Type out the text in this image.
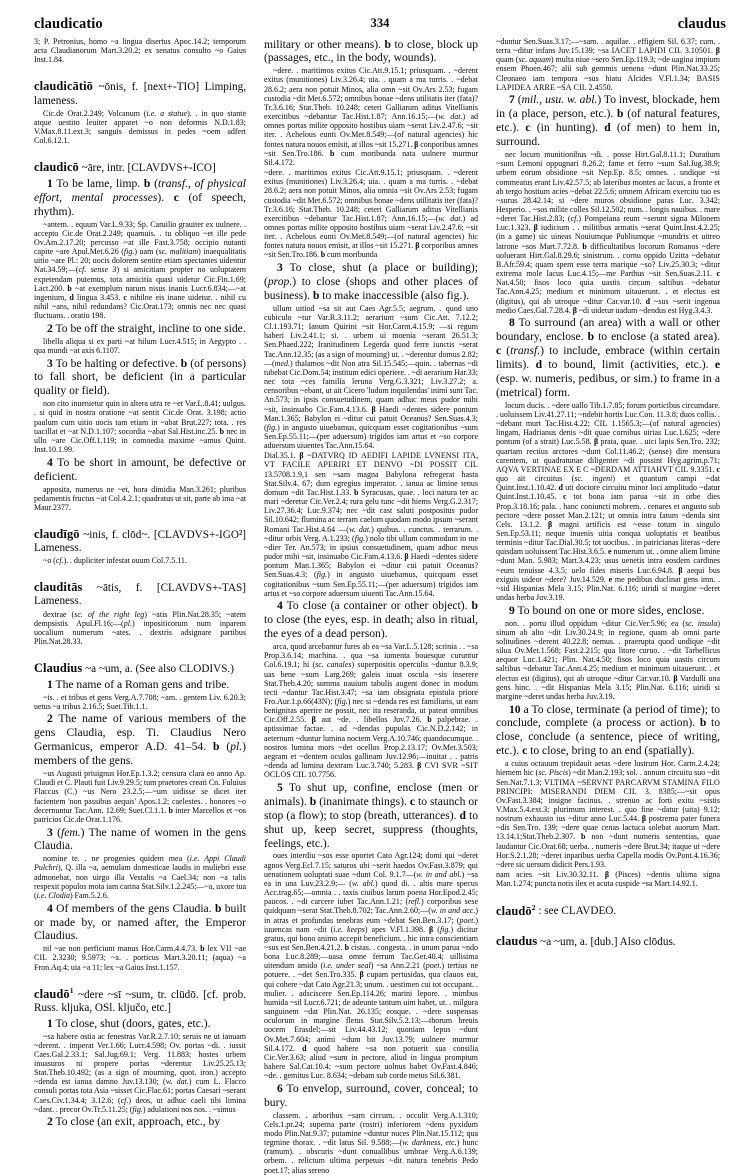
claudicatio	334	claudus

3; P. Petronius, homo ~a lingua disertus Apoc.14.2; temporum acta Claudianorum Mart.3.20.2; ex senatus consulto ~o Gaius Inst.1.84.

claudicātiō ~ōnis, f. [next+-TIO] Limping, lameness.

Cic.de Orat.2.249; Volcanum (i.e. a statue). . in quo stante atque uestito leuiter apparet ~o non deformis N.D.1.83; V.Max.8.11.ext.3; sanguis demissus in pedes ~oem adfert Col.6.12.1.

claudicō ~āre, intr. [CLAVDVS+-ICO]

1 To be lame, limp. b (transf., of physical effort, mental processes). c (of speech, rhythm).

~antem. . equum Var.L.9.33; Sp. Caruilio grauiter ex uulnere. . accepto Cic.de Orat.2.249; quamuis. . tu obliquo ~et ille pede Ov.Am.2.17.20; percusso ~at ille Fast.3.758; occipio nutanti capite ~are Apul.Met.6.26 (fig.) uam (sc. malitiam) inaequalitatis uitio ~are Pl.: 20; uocis dolorem sentire etiam spectantes uidentur Nat.34.59;—(cf. sense 3) si amicitiam propter no uoluptatem expetendam putemus, tota amicitia quasi uidetur Cic.Fin.1.69; Lact.200. b ~at exemplum narum nisus inanis Lucr.6.834;—~at ingenium, d lingua 3.453. c nihilne eis inane uidetur. . nihil cu nihil ~ans, nihil redundans? Cic.Orat.173; omnis nec nec quasi fluctuans. . oratio 198.

2 To be off the straight, incline to one side.

libella aliqua si ex parti ~at hilum Lucr.4.515; in Aegypto . . qua mundi ~at axis 6.1107.

3 To be halting or defective. b (of persons) to fall short, be deficient (in a particular quality or field).

non cito inuenietur quin in altera utra re ~et Var.L.8.41; uulgus. . si quid in nostra oratione ~at sentit Cic.de Orat. 3.198; actio paulum cum uitio uocis tam etiam in ~abat Brut.227; tota. . res uacillat et ~at N.D.1.107; socordia ~abat Sal.Hist.inc.25. b nec in ullo ~are Cic.Off.1.119; in comoedia maxime ~amus Quint. Inst.10.1.99.

4 To be short in amount, be defective or deficient.

apposita, numerus ne ~et, hora dimidia Man.3.261; pluribus pedamentis fructus ~at Col.4.2.1; quadratus ut sit, parte ab ima ~at Maur.2377.

claudīgō ~inis, f. clōd~. [CLAVDVS+-IGO²] Lameness.

~o (cf.). . dupliciter infestat ouum Col.7.5.11.

clauditās ~ātis, f. [CLAVDVS+-TAS] Lameness.

dextrae (sc. of the right leg) ~atis Plin.Nat.28.35; ~atem dempsistis Apul.Fl.16;—(pl.) inpositicorum num inparem uocalium numerum ~ates. . dextris adsignare partibus Plin.Nat.28.33.

Claudius ~a ~um, a. (See also CLODIVS.)

1 The name of a Roman gens and tribe.

~is. . et tribus et gens Verg.A.7.708; ~am. . gentem Liv. 6.20.3; uetus ~a tribus 2.16.5; Suet.Tib.1.1.

2 The name of various members of the gens Claudia, esp. Ti. Claudius Nero Germanicus, emperor A.D. 41–54. b (pl.) members of the gens.

~us Augusti priuignus Hor.Ep.1.3.2; censura clara eo anno Ap. Claudi et C. Plauti fuit Liv.9.29.5; tum praetores creati Cn. Fuluius Flaccus (C.) ~us Nero 23.2.5;—~um uidisse se dicet iter facientem 'non passibus aequis' Apos.1.2; caelestes. . honores ~o decernuntur Tac.Ann. 12.69; Suet.Cl.1.1. b inter Marcellos et ~os patricios Cic.de Orat.1.176.

3 (fem.) The name of women in the gens Claudia.

nomine te. . ne progenies quidem mea (i.e. Appi Claudi Pulchri), Q. illa ~a, aemulam domesticae laudis in muliebri esse admonebat, non uirgo illa Vestalis ~a Cael.34; non ~a talis respexit populos mota iam carina Stat.Silv.1.2.245;—~a, uxore tua (i.e. Clodia) Fam.5.2.6.

4 Of members of the gens Claudia. b built or made by, or named after, the Emperor Claudius.

nil ~ae non perficiunt manus Hor.Carm.4.4.73. b lex VII ~ae CIL 2.3230; 9.5973; ~a. . porticus Mart.3.20.11; (aqua) ~a Fron.Aq.4; uia ~a 11; lex ~a Gaius Inst.1.157.

claudō$^1$ ~dere ~sī ~sum, tr. clūdō. [cf. prob. Russ. kljuka, OSl. ključo, etc.]

1 To close, shut (doors, gates, etc.).

~sa habere ostia ac fenestras Var.R.2.7.10; seruis ne ut ianuam ~derent. . imperat Ver.1.66; Lucr.4.598; Ov. portas ~di. . iussit Caes.Gal.2.33.1; Sal.Jug.69.1; Verg. 11.883; hostes urbem inuasuros ni propere portas ~derentur Liv.25.25.13; Stat.Theb.10.492; (as a sign of mourning, quot. iron.) accepto ~denda est ianua damno Juv.13.130; (w. dat.) cum L. Flacco consuli portas tota Asia ~sisset Cic.Flac.61; portas Caesari ~serant Caes.Civ.1.34.4; 3.12.6; (cf.) deos, ut adhuc caeli tibi limina ~dant. . precor Ov.Tr.5.11.25; (fig.) adulationi nos nos. . ~simus

2 To close (an exit, approach, etc., by

military or other means). b to close, block up (passages, etc., in the body, wounds).

~dere. . maritimos exitus Cic.Att.9.15.1; priusquam. . ~derent exitus (munitiones) Liv.3.26.4; uia. . quam a ma turris. . ~debat 28.6.2; aera non potuit Minos, alia omn ~sit Ov.Ars 2.53; fugam custodia ~dit Met.6.572; omnibus bonae ~dens utilitatis iter (fata)? Tr.3.6.16; Stat.Theb. 10.248; ceteri Galliarum aditus Vitellianis exercitibus ~debantur Tac.Hist.1.87; Ann.16.15;—(w. dat.) ad omnes portas milite opposito hostibus uiam ~serat Liv.2.47.6; ~sit iter. . Achelous eunti Ov.Met.8.549;—(of natural agencies) hic fontes natura nouos emisit, at illos ~sit 15.271. β conporibus amnes ~sit Sen.Tro.186. b cum moribunda nata uulnere murmur Sil.4.172.

~dere. . maritimos exitus Cic.Att.9.15.1; priusquam. . ~derent exitus (munitiones) Liv.3.26.4; uia. . quam a ma turris. . ~debat 28.6.2; aera non potuit Minos, alia omnia ~sit Ov.Ars 2.53; fugam custodia ~dit Met.6.572; omnibus bonae ~dens utilitatis iter (fata)? Tr.3.6.16; Stat.Theb. 10.248; ceteri Galliarum aditus Vitellianis exercitibus ~debantur Tac.Hist.1.87; Ann.16.15;—(w. dat.) ad omnes portas milite opposito hostibus uiam ~serat Liv.2.47.6; ~sit iter. . Achelous eunti Ov.Met.8.549;—(of natural agencies) hic fontes natura nouos emisit, at illos ~sit 15.271. β corporibus amnes ~sit Sen.Tro.186. b cum moribunda

3 To close, shut (a place or building); (prop.) to close (shops and other places of business). b to make inaccessible (also fig.).

ullum uitiod ~sa sit aut Caes Agr.5.5; aegrum. . quod uno cubiculo ~tur Var.R.3.11.2; aerarium ~sum Cic.Att. 7.12.2; Cl.1.193.71; Ianum Quirini ~sit Hor.Carm.4.15.9; —si regum haberi Liv.2.41.1; si. . urbem ui moenia ~serant 26.51.3; Sen.Phaed.222; Iranitudinem Legerda quod ferre iunctis ~serat Tac.Ann.12.35; (as a sign of mourning) ut. . ~derentur domus 2.82;—(med.) thalamos ~dit Non atra Sil.15.545;—quin. . tabernas ~di tubebat Cic.Dom.54; institum edici operiere. . ~di aerarium Har.33; nec tota ~ces familia leruna Verg.G.3.321; Liv.3.27.2; a. censoribus ~ebant, ut ait Cicero 'ludum inquilendas' inimi sunt Tac. An.573; in ipsis consuetudinem, quam adhuc meus pudor mihi ~sit, insinuabo Cic.Fam.4.13.6. β Haedi ~dentes sidere pontum Man.1.365; Babylon ei ~ditur cui patuit Oceanus? Sen.Suas.4.3; (fig.) in angusto uiuebamus, quicquam esset cogitationibus ~sum Sen.Ep.55.11;—(per aduersum) trigidos iam artus et ~so corpore aduersum uiuentes Tac.Ann.15.64.

Dial.35.1. β ~DATVRQ ID AEDIFI LAPIDE LVNENSI ITA, VT FACILE APERIRI ET DENVO ~DI POSSIT CIL 13.5708.1.9,1 sen ~sam magna Babylona refregerat hasta Stat.Silv.4. 67; dum egregius imperator. . ianua ac limine tenus domum ~dit Tac.Hist.1.33. b Syracusas, quae. . loci natura ter ac mari ~deretur Cic.Ver.2.4; rura gelu tunc ~dit hiems Verg.G.2.317; Liv.27.36.4; Luc.9.374; nec ~dit cast saluti postpositus pudor Sil.10.642; flumina ac terram caelum quodam modo ipsum ~serant Romani Tac.Hist.4.64 —(w. dat.) quibus. . cunctus. . terrarum. . ~ditur orbis Verg. A.1.233; (fig.) nolo tibi ullum commodum in me ~dier Ter. An.573; in ipsius consuetudinem, quam adhuc meus pudor mihi ~sit, insinuabo Cic.Fam.4.13.6. β Haedi ~dentes sidere pontum Man.1.365; Babylon ei ~ditur cui patuit Oceanus? Sen.Suas.4.3; (fig.) in angusto uiuebamus, quicquam esset cogitationibus ~sum Sen.Ep.55.11;—(per aduersum) trigidos iam artus et ~so corpore aduersum uiuenti Tac.Ann.15.64.

4 To close (a container or other object). b to close (the eyes, esp. in death; also in ritual, the eyes of a dead person).

arca, quod arcebantur fures ab ea ~sa Var.L.5.128; scrinia . . ~sa Prop.3.6.14; machina. . qua ~sa iumenta bouesque curuntur Col.6.19.1; hi (sc. canales) superpositis operculis ~duntur 8.3.9; uas bene ~sum Larg.269; galeis iuuat oscula ~sis inserere Stat.Theb.4.20; summa nauium tabulis augent donec in modum tecti ~dantur Tac.Hist.3.47; ~sa iam obsignata epistula priore Fro.Aur.1.p.66(43N); (fig.) nec si ~denda res est familiaris, ut eam benignitas aperire ne possit, nec ita reseranda, ut pateat omnibus Cic.Off.2.55. β aut ~de. . libellos Juv.7.26. b palpebrae. . aptissimae factae. . ad ~dendas pupulas Cic.N.D.2.142; in aeternum ~duntur lumina noctem Verg.A.10.746; quandocumque. . nostros lumina mors ~det ocellos Prop.2.13.17; Ov.Met.3.503; aegram et ~dentem oculos gallinam Juv.12.96;—inuitat . . patris ~denda ad lumina dextram Luc.3.740; 5.283. β CVI SVR ~SIT OCLOS CIL 10.7756.

5 To shut up, confine, enclose (men or animals). b (inanimate things). c to staunch or stop (a flow); to stop (breath, utterances). d to shut up, keep secret, suppress (thoughts, feelings, etc.).

oues interdiu ~sos esse oportet Cato Agr.124; domi qui ~deret agnos Verg.Ecl.7.15; saturos ubi ~serit haedos Ov.Fast.3.879; qui uenationem uoluptati suae ~dunt Col. 9.1.7—(w. in and abl.) ~sa ea in una Luv.23.2.9;— (w. abl.) quod di. . altis mare specus Acc.trag.65;—omnia . . taxis ciuibus larum poena Hor.Epod.2.45; paucos. . ~di carcere iubet Tac.Ann.1.21; (refl.) corporibus sese quidquam ~serat Stat.Theb.8.702; Tac.Ann.2.60;—(w. in and acc.) in atras et profundas tenebras eum ~debat Sen.Ben.3.17; (poet.) iuuencas nam ~dit (i.e. keeps) apes V.Fl.1.398. β (fig.) dicitur gratus, qui bono animo accepit beneficium. . hic intra conscientiam ~sus est Sen.Ben.4.21.2. b cistas. . congesta. . in unum parua ~ndo bona Luc.8.289;—uasa omne ferrum Tac.Ger.40.4; uillisima uitendum amido (i.e. under seal) ~sa Ann.2.21 (poet.) tertius ne potuere. . ~det Sen.Tro.335. β cupam pertusidas, qua clauos eat, qui cohere ~dat Cato Agr.21.3; unum. . uestimen cui tot occupant. . mulier. . adsciscere Sen.Ep.114.26; marini lepore. . mimbus humida ~sil Lucr.6.721; de adeunte tantum uim habet, ut. . milgura sanguinem ~dat Plin.Nat. 26.135; eosque. . ~dere suspensas oculorum in margine fletus Stat.Silv.5.2.13;—thorum breuis uocem Erasdel;—sit Liv.44.43.12; quoniam lepus ~dunt Ov.Met.7.604; animi ~dum bit Juv.13.79; uulnere murmur Sil.4.172. d quod habere ~sa non potuerit sua consilia Cic.Ver.3.63; aliud ~sum in pectore, aliud in lingua promptum habere Sal.Cat.10.4; ~sum pectore uolnus habet Ov.Fast.4.846; ~de. . gemitus Luc. 8.634; ~debam sub corde metus Sil.6.381.

6 To envelop, surround, cover, conceal; to bury.

classem. . arboribus ~sam circum. . occulit Verg.A.1.310; Cels.1.pr.24; superna parte (rostri) inferiorem ~dens pyxidum modo Plin.Nat.9.37; putamine ~duntur nuces Plin.Nat.15.112; qua tegmine thorax. . ~dit latus Sil. 9.588;—(w. darkness, etc.) hunc (ramum). . obscuris ~dunt conuallibus umbrae Verg.A.6.139; orbem. . relictum ultima perpetuis ~dit natura tenebris Pedo poet.17; alias sereno

~duntur Sen.Suas.3.17;—~sam. . aquilae. . effigiem Sil. 6.37; cum. . terra ~ditur infans Juv.15.139; ~sa IACET LAPIDI CIL 3.10501. β quam (sc. aquam) multa niue ~sero Sen.Ep.119.3; ~de uagina impium ensem Phoen.467; alii sub gemmis uenena ~dunt Plin.Nat.33.25; Cleonaeo iam tempora ~sus hiatu Alcides V.Fl.1.34; BASIS LAPIDEA ARRE ~SA CIL 2.4550.

7 (mil., usu. w. abl.) To invest, blockade, hem in (a place, person, etc.). b (of natural features, etc.). c (in hunting). d (of men) to hem in, surround.

nec locum munitionibus ~di. . posse Hirt.Gal.8.11.1; Duratium ~sum Lemoni oppugnari 8.26.2; fame et ferro ~sum Sal.Jug.38.9; urbem eorum obsidione ~sit Nep.Ep. 8.5; omnes. . undique ~si commeatus erant Liv.42.57.5; ab lateribus montes ac lacus, a fronte et ab tergo hostium acies ~debat 22.5.6; omnem Africam exercitu tuo es ~surus 28.42.14; si ~dere muros obsidione paras Luc. 3.342; Hesperio. . ~sos milite colles Sil.12.502; num. . longis nauibus. . mare ~deret Tac.Hist.2.83; (cf.) Pompeiana reum ~serunt signa Milonem Luc.1.323. β iudicium . . militibus armatis ~serat Quint.Inst.4.2.25; (in a game) sic uineas Nouiumque Publiumque ~mundris et uitreo latrone ~sos Mart.7.72.8. b difficultatibus locorum Romanos ~dere uoluerant Hirt.Gal.8.29.6; sinistrum. . cornu oppido Uzitta ~debatur B.Afr.59.4; quam spem esse terra marique ~so? Liv.25.30.3; ~ditur extrema mole lacus Luc.4.15;—me Parthus ~sit Sen.Suas.2.11. c Nat.4.50; fisos loco quia uastis circum saltibus ~debatur Tac.Ann.4.25; medium et minimum uitauerunt. . et electus est (digitus), qui ab utroque ~ditur Car.var.10. d ~sus ~serit ingenua medio Caes.Gal.7.28.4. β ~di uidetur uadum ~dendus est Hyg.3.4.3.

8 To surround (an area) with a wall or other boundary, enclose. b to enclose (a stated area). c (transf.) to include, embrace (within certain limits). d to bound, limit (activities, etc.). e (esp. w. numeris, pedibus, or sim.) to frame in a (metrical) form.

locum ducis. . ~dere uallo Tib.1.7.85; forum porticibus circumdare. . uoluissem Liv.41.27.11; ~ndebit hortis Luc.Con. 11.3.8; duos collis. . ~debant murt Tac.Hist.4.22; CIL 1.1565.3;—(of natural agencies) lingam, Hadrianus denis ~dit quae cornibus uirias Luc.1.625; ~dere pontum (of a strait) Luc.5.58. β prata, quae. . uici lapis Sen.Tro. 232; quartam rectius arctores ~dunt Col.11.46.2; (sense) dire mensura carentem, ut quadratunae diligenter ~di possint Hyg.agrim.p.71; AQVA VERTINAE EX E C ~DERDAM ATTIAHVT CIL 9.3351. c quo ait circuitus (sc. ingeni) et quantum campi ~dat Quint.Inst.1.10.42. d uti doctore circuitu minor loci amplitudo ~datur Quint.Inst.1.10.45. c tot bona iam parua ~sit in orbe dies Prop.3.18.16; pala. . hanc coniuncti mobrem. . cenares et angusto sub pectore ~dere posset Man.2.121; ut omnia intra fatum ~denda sint Cels. 13.1.2. β magni artificis est ~esse totum in singulo Sen.Ep.53.11; neque inuenis uitia conqua uoluptatis et beatibus terminis ~ditur Tac.Dial.30.5; tot uocibus. . in patricianas literas ~dere quisdam uoluissent Tac.Hist.3.6.5. e numerum ut. . omne aliem limine ~dunt Man. 5.983; Mart.3.4.23; usus uenetis intra eosdem cardines ~eum tenuisse 4.3.5; uelo fides miseris Luc.6.94.8. β aequi bus exiguis uideor ~dere? Juv.14.529. e me pedibus duclinat gens imn. . ~sid Hispanias Mela 3.15; Plin.Nat. 6.116; uiridi si margine ~deret undas herba Juv.3.19.

9 To bound on one or more sides, enclose.

non. . portu illud oppidum ~ditur Cic.Ver.5.96; ea (sc. insula) sinum ab alto ~dit Liv.30.24.9; in regione, quam ab omni parte solitudines ~derent 40.22.8; nemus. . praerupta quod undique ~dit silua Ov.Met.1.568; Fast.2.215; qua litore curuo. . ~dit Tarbellicus aequor Luc.1.421; Plin. Nat.4.50; fisos loco quia uastis circum saltibus ~debatur Tac.Ann.4.25; medium et minimum uitauerunt. . et electus est (digitus), qui ab utroque ~ditur Car.var.10. β Vardulli una gens hinc. . ~dit Hispanias Mela 3.15; Plin.Nat. 6.116; uiridi si margine ~deret undas herba Juv.3.19.

10 a To close, terminate (a period of time); to conclude, complete (a process or action). b to close, conclude (a sentence, piece of writing, etc.). c to close, bring to an end (spatially).

a cuius octauum trepidauit aetas ~dere lustrum Hor. Carm.2.4.24; hiemem hic (sc. Piscis) ~dit Man.2.193; sol. . annum circuitu suo ~dit Sen.Nat.7.1.3; VLTIMA ~SERVNT PARCARVM STAMINA FILO PRINCIPI: MISERANDI DIEM CIL 3. 8385;—~sit opus Ov.Fast.3.384; insigne facinus. . strenuo ac forti exitu ~sistis V.Max.5.4.ext.3; plurimum interest. . quo fine ~datur (uita) 9.12; nostrum exhausto ius ~ditur anno Luc.5.44. β postrema pater funera ~dis Sen.Tro. 139; ~dere quae cenas lactuca solebat auorum Mart. 13.14.1;Stat.Theb.2.307. b non ~dunt numeris sententias, quae laudantur Cic.Orat.68; uerba. . numeris ~dere Brut.34; itaque ut ~dere Hor.S.2.1.28; ~deret inparibus uerba Capella modis Ov.Pont.4.16.36; ~dere sic uersum didicit Pers.1.93.

nam acies ~sit Liv.30.32.11. β (Pisces) ~dentis ultima signa Man.1.274; puncta notis ilex et acuta cuspide ~sa Mart.14.92.1.

claudō$^2$ : see CLAVDEO.

claudus ~a ~um, a. [dub.] Also clōdus.
